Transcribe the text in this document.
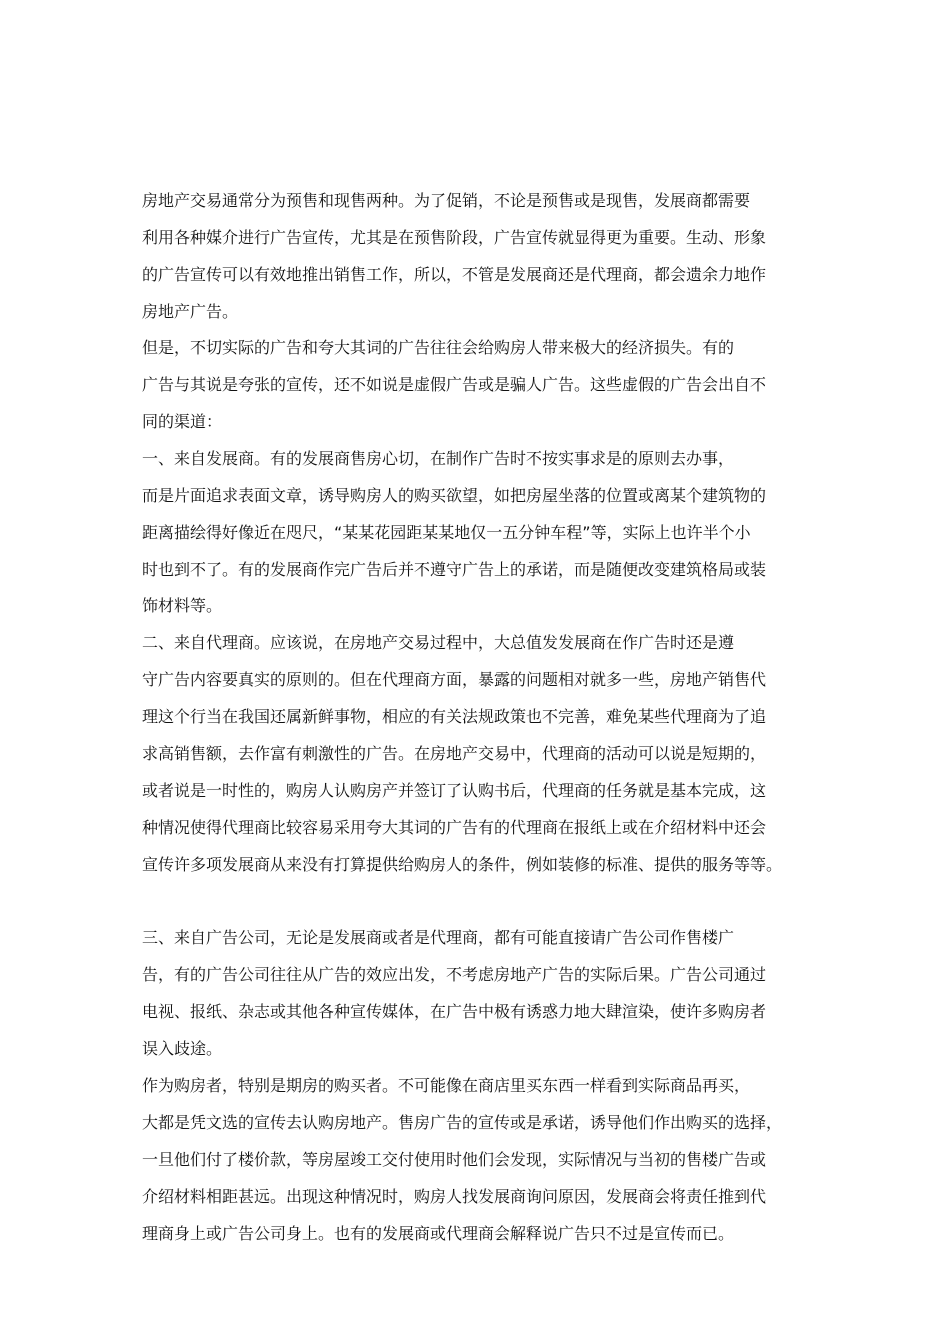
房地产交易通常分为预售和现售两种。为了促销，不论是预售或是现售，发展商都需要
利用各种媒介进行广告宣传，尤其是在预售阶段，广告宣传就显得更为重要。生动、形象
的广告宣传可以有效地推出销售工作，所以，不管是发展商还是代理商，都会遗余力地作
房地产广告。
但是，不切实际的广告和夸大其词的广告往往会给购房人带来极大的经济损失。有的
广告与其说是夸张的宣传，还不如说是虚假广告或是骗人广告。这些虚假的广告会出自不
同的渠道：
一、来自发展商。有的发展商售房心切，在制作广告时不按实事求是的原则去办事，
而是片面追求表面文章，诱导购房人的购买欲望，如把房屋坐落的位置或离某个建筑物的
距离描绘得好像近在咫尺，“某某花园距某某地仅一五分钟车程”等，实际上也许半个小
时也到不了。有的发展商作完广告后并不遵守广告上的承诺，而是随便改变建筑格局或装
饰材料等。
二、来自代理商。应该说，在房地产交易过程中，大总值发发展商在作广告时还是遵
守广告内容要真实的原则的。但在代理商方面，暴露的问题相对就多一些，房地产销售代
理这个行当在我国还属新鲜事物，相应的有关法规政策也不完善，难免某些代理商为了追
求高销售额，去作富有刺激性的广告。在房地产交易中，代理商的活动可以说是短期的，
或者说是一时性的，购房人认购房产并签订了认购书后，代理商的任务就是基本完成，这
种情况使得代理商比较容易采用夸大其词的广告有的代理商在报纸上或在介绍材料中还会
宣传许多项发展商从来没有打算提供给购房人的条件，例如装修的标准、提供的服务等等。
三、来自广告公司，无论是发展商或者是代理商，都有可能直接请广告公司作售楼广
告，有的广告公司往往从广告的效应出发，不考虑房地产广告的实际后果。广告公司通过
电视、报纸、杂志或其他各种宣传媒体，在广告中极有诱惑力地大肆渲染，使许多购房者
误入歧途。
作为购房者，特别是期房的购买者。不可能像在商店里买东西一样看到实际商品再买，
大都是凭文选的宣传去认购房地产。售房广告的宣传或是承诺，诱导他们作出购买的选择，
一旦他们付了楼价款，等房屋竣工交付使用时他们会发现，实际情况与当初的售楼广告或
介绍材料相距甚远。出现这种情况时，购房人找发展商询问原因，发展商会将责任推到代
理商身上或广告公司身上。也有的发展商或代理商会解释说广告只不过是宣传而已。
